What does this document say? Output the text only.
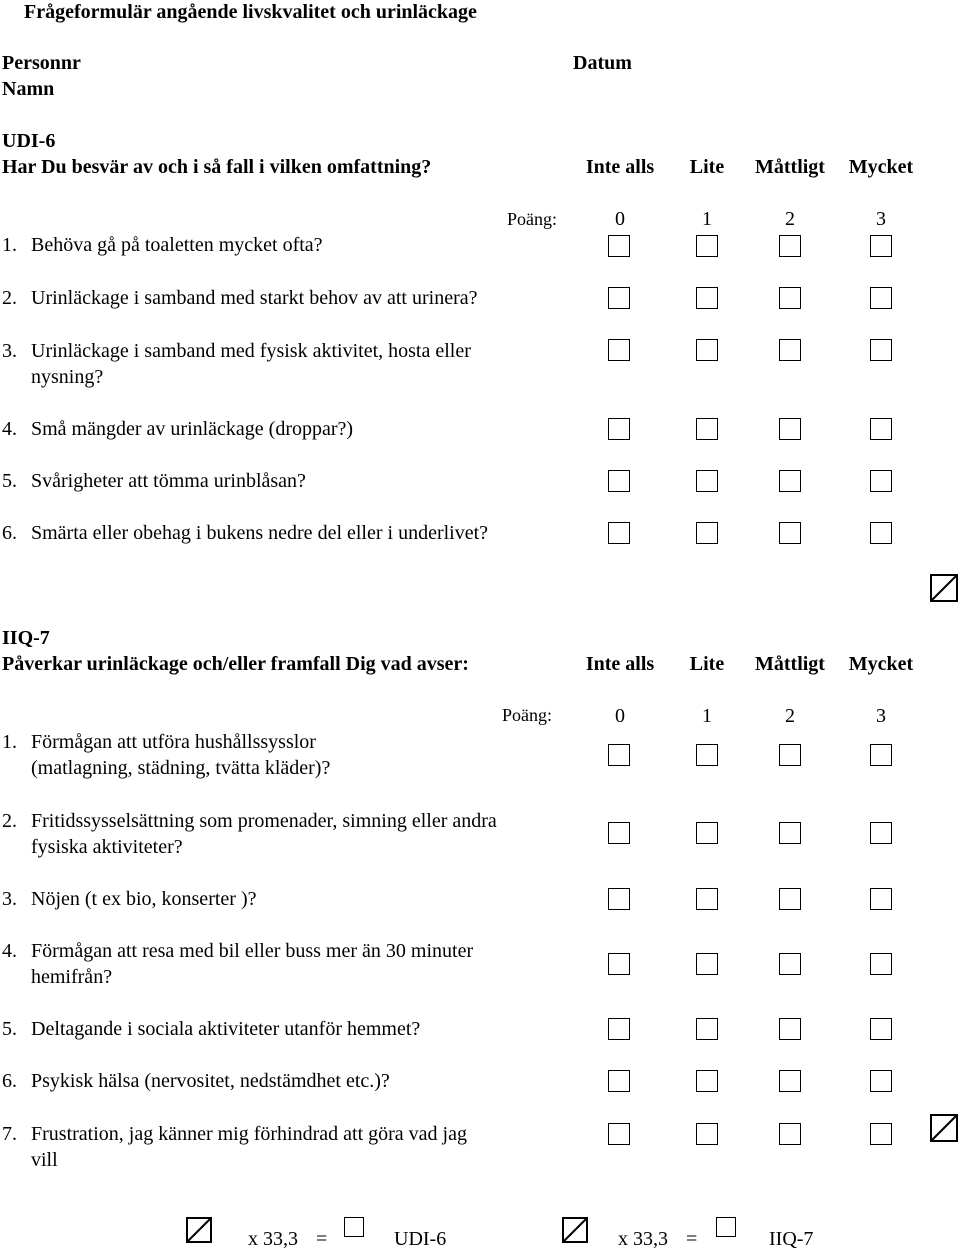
Frågeformulär angående livskvalitet och urinläckage
Personnr	Datum
Namn
UDI-6
Har Du besvär av och i så fall i vilken omfattning?	Inte alls	Lite	Måttligt	Mycket
Poäng:	0	1	2	3
1. Behöva gå på toaletten mycket ofta?
2. Urinläckage i samband med starkt behov av att urinera?
3. Urinläckage i samband med fysisk aktivitet, hosta eller
nysning?
4. Små mängder av urinläckage (droppar?)
5. Svårigheter att tömma urinblåsan?
6. Smärta eller obehag i bukens nedre del eller i underlivet?
IIQ-7
Påverkar urinläckage och/eller framfall Dig vad avser:	Inte alls	Lite	Måttligt	Mycket
Poäng:	0	1	2	3
1. Förmågan att utföra hushållssysslor
(matlagning, städning, tvätta kläder)?
2. Fritidssysselsättning som promenader, simning eller andra
fysiska aktiviteter?
3. Nöjen (t ex bio, konserter )?
4. Förmågan att resa med bil eller buss mer än 30 minuter
hemifrån?
5. Deltagande i sociala aktiviteter utanför hemmet?
6. Psykisk hälsa (nervositet, nedstämdhet etc.)?
7. Frustration, jag känner mig förhindrad att göra vad jag
vill
x 33,3 =	UDI-6	x 33,3 =	IIQ-7
